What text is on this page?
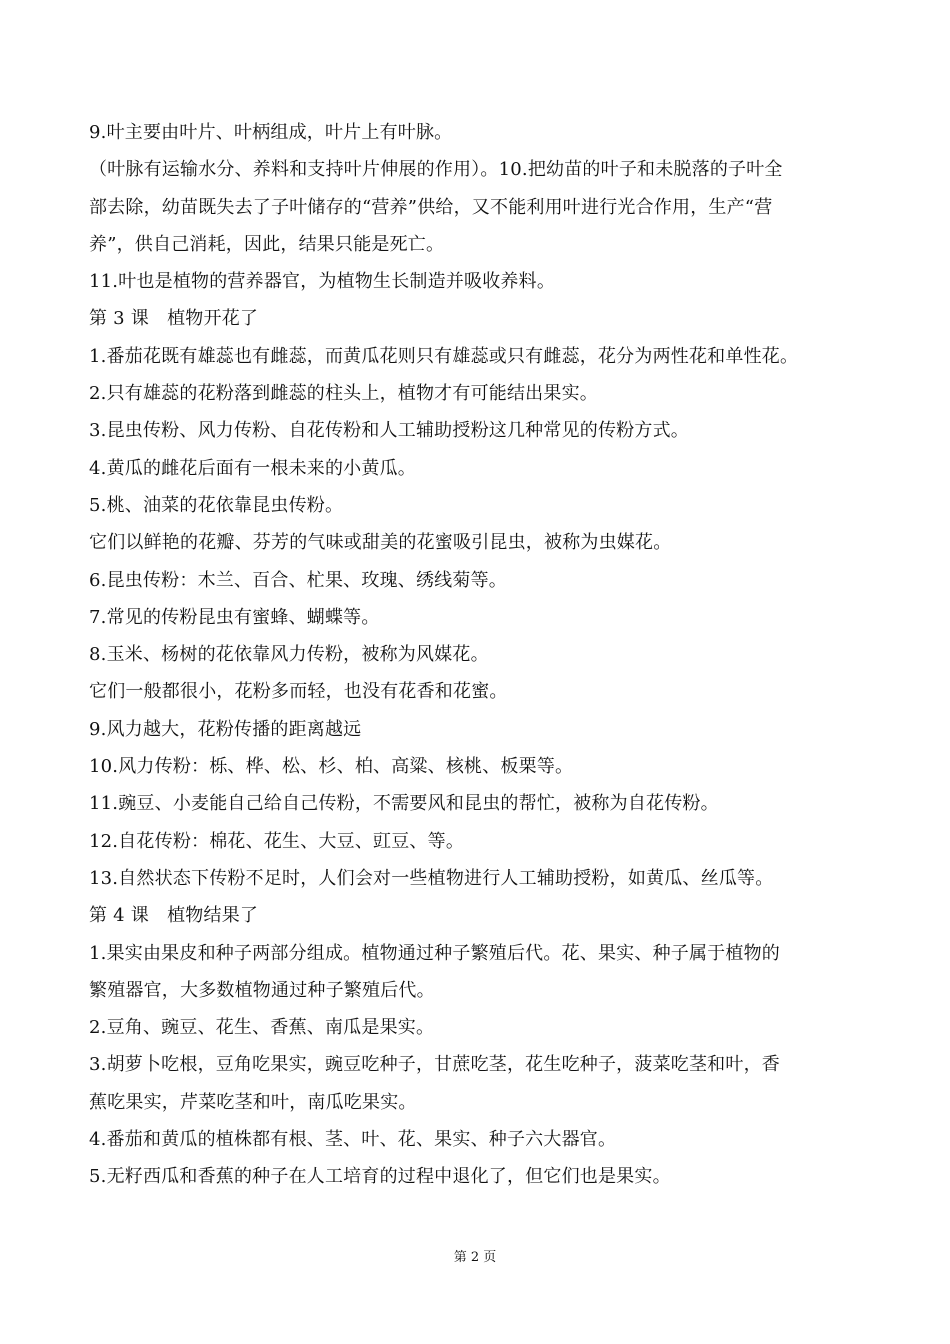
9.叶主要由叶片、叶柄组成，叶片上有叶脉。
（叶脉有运输水分、养料和支持叶片伸展的作用）。10.把幼苗的叶子和未脱落的子叶全
部去除，幼苗既失去了子叶储存的“营养”供给，又不能利用叶进行光合作用，生产“营
养”，供自己消耗，因此，结果只能是死亡。
11.叶也是植物的营养器官，为植物生长制造并吸收养料。
第 3 课　植物开花了
1.番茄花既有雄蕊也有雌蕊，而黄瓜花则只有雄蕊或只有雌蕊，花分为两性花和单性花。
2.只有雄蕊的花粉落到雌蕊的柱头上，植物才有可能结出果实。
3.昆虫传粉、风力传粉、自花传粉和人工辅助授粉这几种常见的传粉方式。
4.黄瓜的雌花后面有一根未来的小黄瓜。
5.桃、油菜的花依靠昆虫传粉。
它们以鲜艳的花瓣、芬芳的气味或甜美的花蜜吸引昆虫，被称为虫媒花。
6.昆虫传粉：木兰、百合、杧果、玫瑰、绣线菊等。
7.常见的传粉昆虫有蜜蜂、蝴蝶等。
8.玉米、杨树的花依靠风力传粉，被称为风媒花。
它们一般都很小，花粉多而轻，也没有花香和花蜜。
9.风力越大，花粉传播的距离越远
10.风力传粉：栎、桦、松、杉、柏、高粱、核桃、板栗等。
11.豌豆、小麦能自己给自己传粉，不需要风和昆虫的帮忙，被称为自花传粉。
12.自花传粉：棉花、花生、大豆、豇豆、等。
13.自然状态下传粉不足时，人们会对一些植物进行人工辅助授粉，如黄瓜、丝瓜等。
第 4 课　植物结果了
1.果实由果皮和种子两部分组成。植物通过种子繁殖后代。花、果实、种子属于植物的
繁殖器官，大多数植物通过种子繁殖后代。
2.豆角、豌豆、花生、香蕉、南瓜是果实。
3.胡萝卜吃根，豆角吃果实，豌豆吃种子，甘蔗吃茎，花生吃种子，菠菜吃茎和叶，香
蕉吃果实，芹菜吃茎和叶，南瓜吃果实。
4.番茄和黄瓜的植株都有根、茎、叶、花、果实、种子六大器官。
5.无籽西瓜和香蕉的种子在人工培育的过程中退化了，但它们也是果实。
第 2 页
